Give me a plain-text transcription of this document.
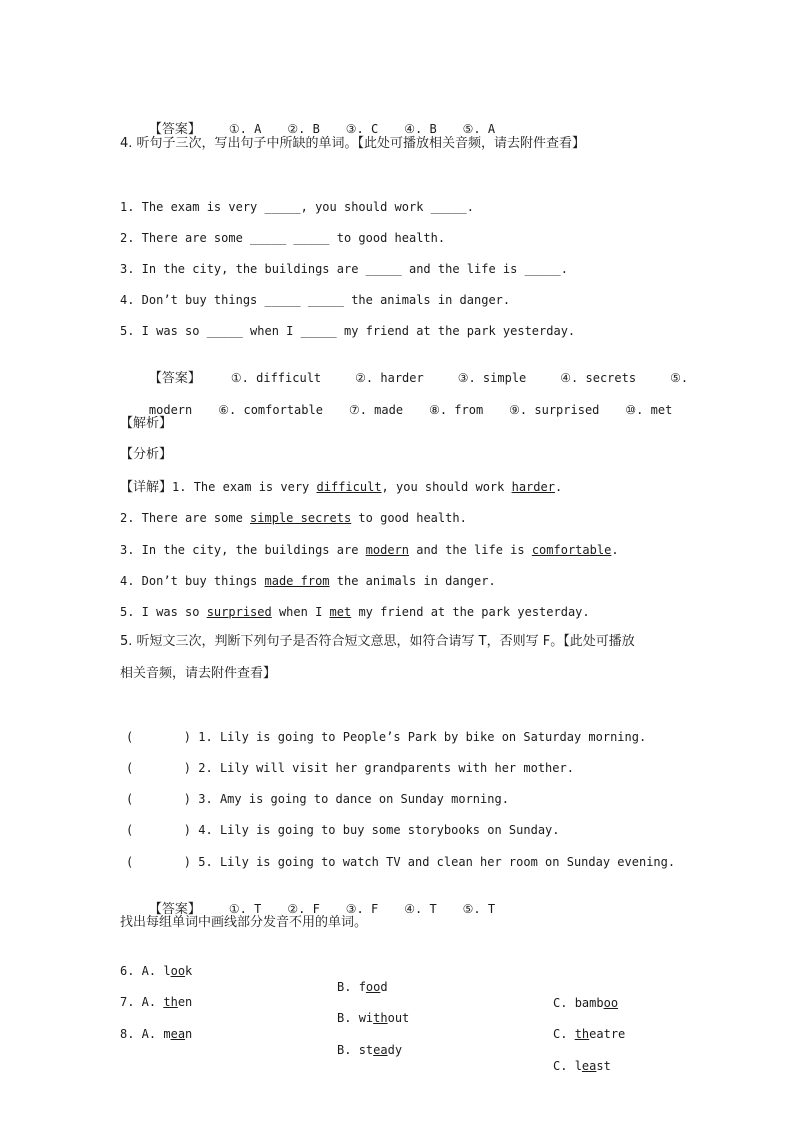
【答案】 ①. A ②. B ③. C ④. B ⑤. A

4. 听句子三次，写出句子中所缺的单词。【此处可播放相关音频，请去附件查看】
1. The exam is very _____, you should work _____.
2. There are some _____ _____ to good health.
3. In the city, the buildings are _____ and the life is _____.
4. Don’t buy things _____ _____ the animals in danger.
5. I was so _____ when I _____ my friend at the park yesterday.

【答案】	①. difficult	②. harder	③. simple	④. secrets	⑤.

modern ⑥. comfortable ⑦. made ⑧. from ⑨. surprised ⑩. met

【解析】
【分析】
【详解】1. The exam is very difficult, you should work harder.
2. There are some simple secrets to good health.
3. In the city, the buildings are modern and the life is comfortable.
4. Don’t buy things made from the animals in danger.
5. I was so surprised when I met my friend at the park yesterday.
5. 听短文三次，判断下列句子是否符合短文意思，如符合请写 T，否则写 F。【此处可播放
相关音频，请去附件查看】
(       ) 1. Lily is going to People’s Park by bike on Saturday morning.
(       ) 2. Lily will visit her grandparents with her mother.
(       ) 3. Amy is going to dance on Sunday morning.
(       ) 4. Lily is going to buy some storybooks on Sunday.
(       ) 5. Lily is going to watch TV and clean her room on Sunday evening.

【答案】 ①. T ②. F ③. F ④. T ⑤. T

找出每组单词中画线部分发音不用的单词。

6. A. look

B. food

C. bamboo

7. A. then

B. without

C. theatre

8. A. mean

B. steady

C. least
